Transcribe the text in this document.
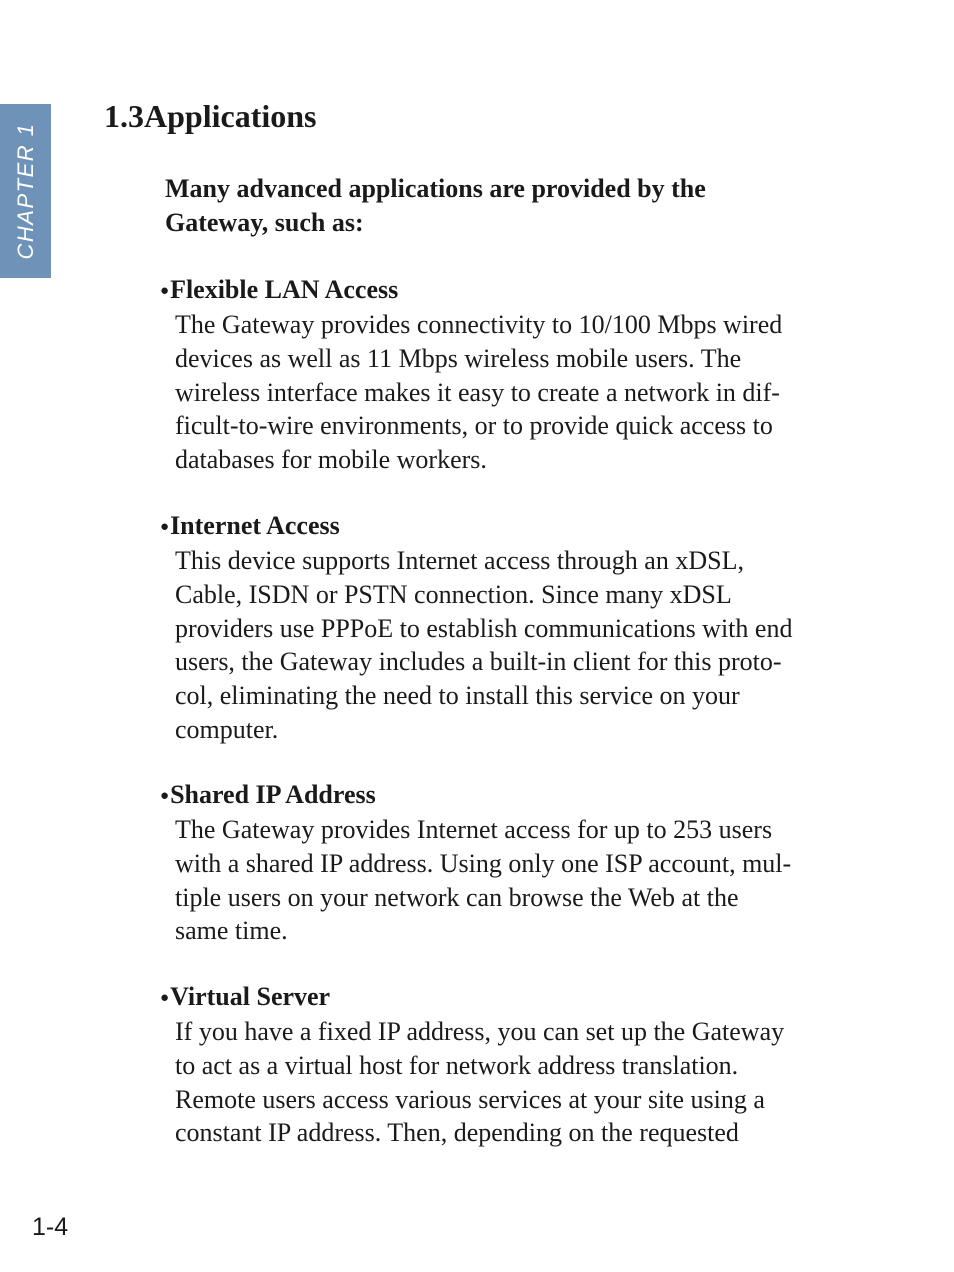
CHAPTER 1
1.3Applications

Many advanced applications are provided by the
Gateway, such as:

●Flexible LAN Access

The Gateway provides connectivity to 10/100 Mbps wired
devices as well as 11 Mbps wireless mobile users. The
wireless interface makes it easy to create a network in dif-
ficult-to-wire environments, or to provide quick access to
databases for mobile workers.

●Internet Access

This device supports Internet access through an xDSL,
Cable, ISDN or PSTN connection. Since many xDSL
providers use PPPoE to establish communications with end
users, the Gateway includes a built-in client for this proto-
col, eliminating the need to install this service on your
computer.

●Shared IP Address

The Gateway provides Internet access for up to 253 users
with a shared IP address. Using only one ISP account, mul-
tiple users on your network can browse the Web at the
same time.

●Virtual Server

If you have a fixed IP address, you can set up the Gateway
to act as a virtual host for network address translation.
Remote users access various services at your site using a
constant IP address. Then, depending on the requested

1-4
